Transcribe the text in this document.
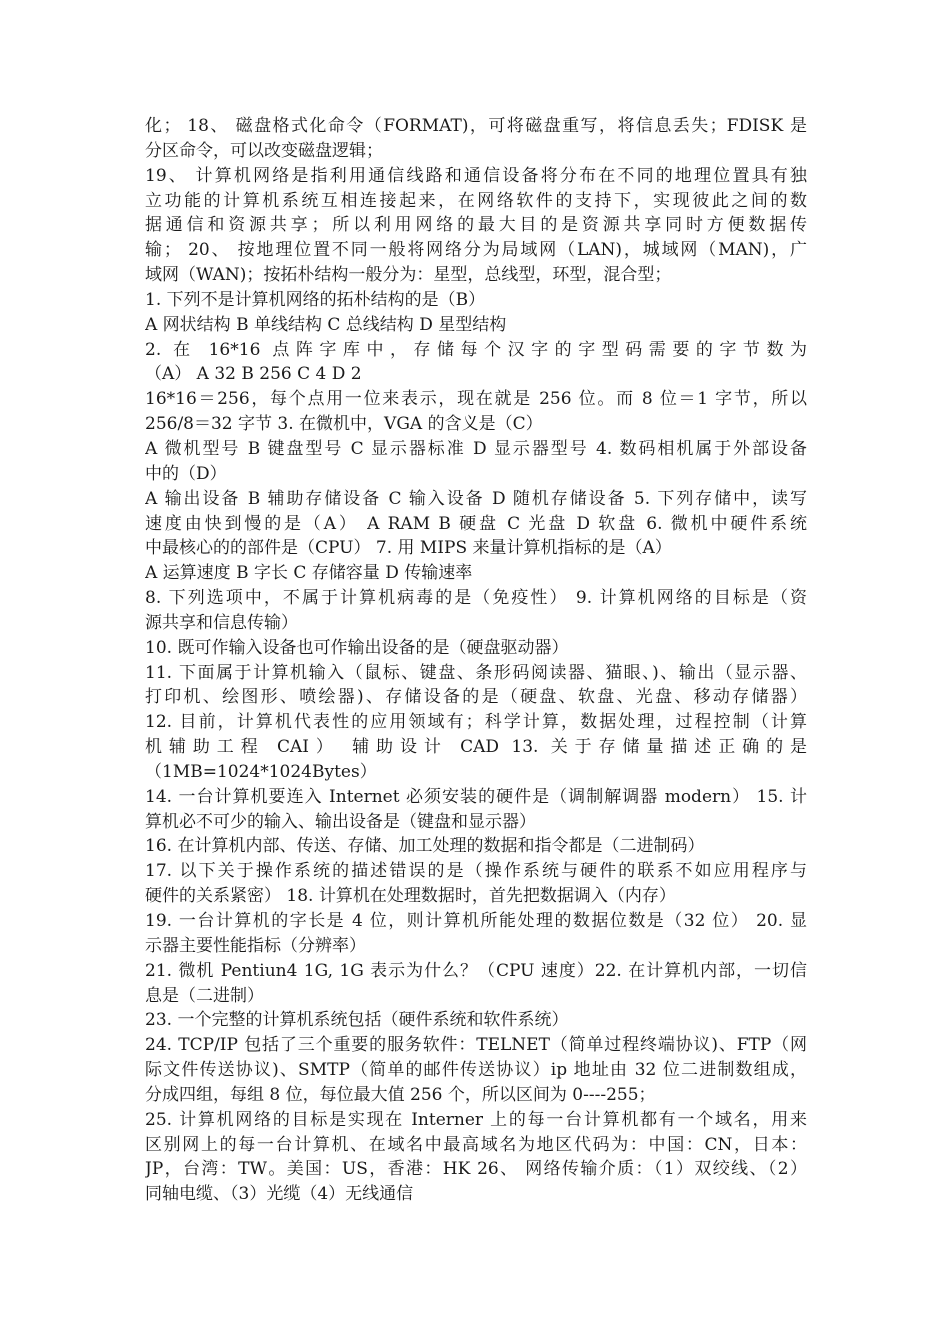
化； 18、 磁盘格式化命令（FORMAT)，可将磁盘重写，将信息丢失；FDISK 是
分区命令，可以改变磁盘逻辑；
19、 计算机网络是指利用通信线路和通信设备将分布在不同的地理位置具有独
立功能的计算机系统互相连接起来，在网络软件的支持下，实现彼此之间的数
据通信和资源共享；所以利用网络的最大目的是资源共享同时方便数据传
输； 20、 按地理位置不同一般将网络分为局域网（LAN)，城域网（MAN)，广
域网（WAN)；按拓朴结构一般分为：星型，总线型，环型，混合型；
1. 下列不是计算机网络的拓朴结构的是（B）
A 网状结构 B 单线结构 C 总线结构 D 星型结构
2. 在 16*16 点阵字库中，存储每个汉字的字型码需要的字节数为
（A） A 32 B 256 C 4 D 2
16*16＝256，每个点用一位来表示，现在就是 256 位。而 8 位＝1 字节，所以
256/8＝32 字节 3. 在微机中，VGA 的含义是（C）
A 微机型号 B 键盘型号 C 显示器标准 D 显示器型号 4. 数码相机属于外部设备
中的（D）
A 输出设备 B 辅助存储设备 C 输入设备 D 随机存储设备 5. 下列存储中，读写
速度由快到慢的是（A） A RAM B 硬盘 C 光盘 D 软盘 6. 微机中硬件系统
中最核心的的部件是（CPU） 7. 用 MIPS 来量计算机指标的是（A）
A 运算速度 B 字长 C 存储容量 D 传输速率
8. 下列选项中，不属于计算机病毒的是（免疫性） 9. 计算机网络的目标是（资
源共享和信息传输）
10. 既可作输入设备也可作输出设备的是（硬盘驱动器）
11. 下面属于计算机输入（鼠标、键盘、条形码阅读器、猫眼、)、输出（显示器、
打印机、绘图形、喷绘器)、存储设备的是（硬盘、软盘、光盘、移动存储器）
12. 目前，计算机代表性的应用领域有；科学计算，数据处理，过程控制（计算
机辅助工程 CAI） 辅助设计 CAD 13. 关于存储量描述正确的是
（1MB=1024*1024Bytes）
14. 一台计算机要连入 Internet 必须安装的硬件是（调制解调器 modern） 15. 计
算机必不可少的输入、输出设备是（键盘和显示器）
16. 在计算机内部、传送、存储、加工处理的数据和指令都是（二进制码）
17. 以下关于操作系统的描述错误的是（操作系统与硬件的联系不如应用程序与
硬件的关系紧密） 18. 计算机在处理数据时，首先把数据调入（内存）
19. 一台计算机的字长是 4 位，则计算机所能处理的数据位数是（32 位） 20. 显
示器主要性能指标（分辨率）
21. 微机 Pentiun4 1G, 1G 表示为什么？（CPU 速度）22. 在计算机内部，一切信
息是（二进制）
23. 一个完整的计算机系统包括（硬件系统和软件系统）
24. TCP/IP 包括了三个重要的服务软件：TELNET（简单过程终端协议)、FTP（网
际文件传送协议)、SMTP（简单的邮件传送协议）ip 地址由 32 位二进制数组成，
分成四组，每组 8 位，每位最大值 256 个，所以区间为 0----255；
25. 计算机网络的目标是实现在 Interner 上的每一台计算机都有一个域名，用来
区别网上的每一台计算机、在域名中最高域名为地区代码为：中国：CN，日本：
JP，台湾：TW。美国：US，香港：HK 26、 网络传输介质：（1）双绞线、（2）
同轴电缆、（3）光缆（4）无线通信
